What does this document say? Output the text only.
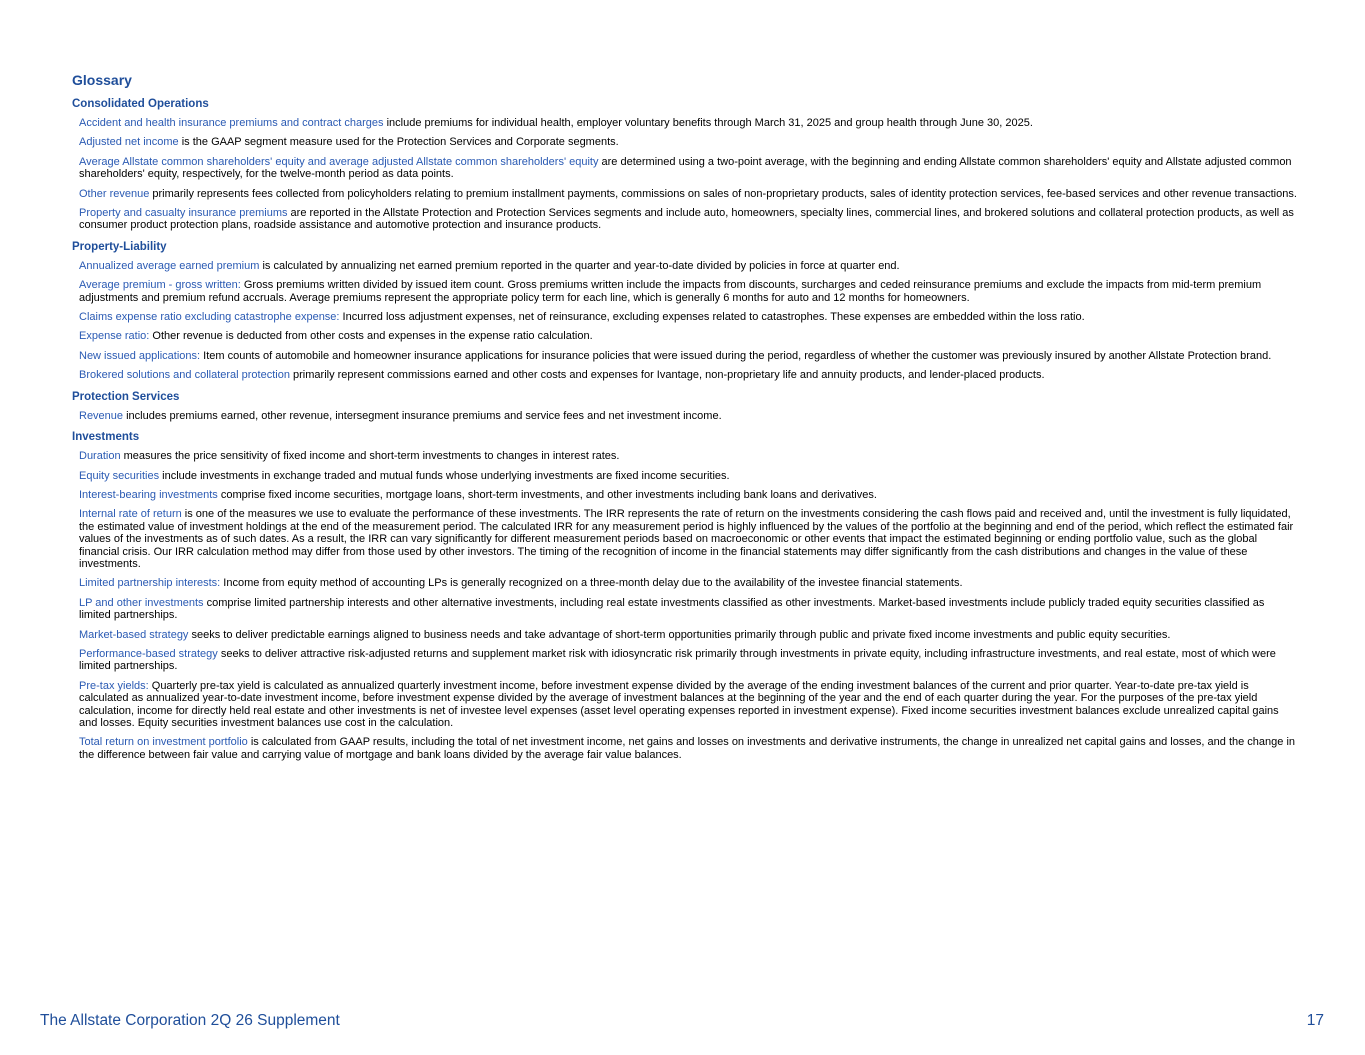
Glossary
Consolidated Operations
Accident and health insurance premiums and contract charges include premiums for individual health, employer voluntary benefits through March 31, 2025 and group health through June 30, 2025.
Adjusted net income is the GAAP segment measure used for the Protection Services and Corporate segments.
Average Allstate common shareholders' equity and average adjusted Allstate common shareholders' equity are determined using a two-point average, with the beginning and ending Allstate common shareholders' equity and Allstate adjusted common shareholders' equity, respectively, for the twelve-month period as data points.
Other revenue primarily represents fees collected from policyholders relating to premium installment payments, commissions on sales of non-proprietary products, sales of identity protection services, fee-based services and other revenue transactions.
Property and casualty insurance premiums are reported in the Allstate Protection and Protection Services segments and include auto, homeowners, specialty lines, commercial lines, and brokered solutions and collateral protection products, as well as consumer product protection plans, roadside assistance and automotive protection and insurance products.
Property-Liability
Annualized average earned premium is calculated by annualizing net earned premium reported in the quarter and year-to-date divided by policies in force at quarter end.
Average premium - gross written: Gross premiums written divided by issued item count. Gross premiums written include the impacts from discounts, surcharges and ceded reinsurance premiums and exclude the impacts from mid-term premium adjustments and premium refund accruals. Average premiums represent the appropriate policy term for each line, which is generally 6 months for auto and 12 months for homeowners.
Claims expense ratio excluding catastrophe expense: Incurred loss adjustment expenses, net of reinsurance, excluding expenses related to catastrophes. These expenses are embedded within the loss ratio.
Expense ratio: Other revenue is deducted from other costs and expenses in the expense ratio calculation.
New issued applications: Item counts of automobile and homeowner insurance applications for insurance policies that were issued during the period, regardless of whether the customer was previously insured by another Allstate Protection brand.
Brokered solutions and collateral protection primarily represent commissions earned and other costs and expenses for Ivantage, non-proprietary life and annuity products, and lender-placed products.
Protection Services
Revenue includes premiums earned, other revenue, intersegment insurance premiums and service fees and net investment income.
Investments
Duration measures the price sensitivity of fixed income and short-term investments to changes in interest rates.
Equity securities include investments in exchange traded and mutual funds whose underlying investments are fixed income securities.
Interest-bearing investments comprise fixed income securities, mortgage loans, short-term investments, and other investments including bank loans and derivatives.
Internal rate of return is one of the measures we use to evaluate the performance of these investments. The IRR represents the rate of return on the investments considering the cash flows paid and received and, until the investment is fully liquidated, the estimated value of investment holdings at the end of the measurement period. The calculated IRR for any measurement period is highly influenced by the values of the portfolio at the beginning and end of the period, which reflect the estimated fair values of the investments as of such dates. As a result, the IRR can vary significantly for different measurement periods based on macroeconomic or other events that impact the estimated beginning or ending portfolio value, such as the global financial crisis. Our IRR calculation method may differ from those used by other investors. The timing of the recognition of income in the financial statements may differ significantly from the cash distributions and changes in the value of these investments.
Limited partnership interests: Income from equity method of accounting LPs is generally recognized on a three-month delay due to the availability of the investee financial statements.
LP and other investments comprise limited partnership interests and other alternative investments, including real estate investments classified as other investments. Market-based investments include publicly traded equity securities classified as limited partnerships.
Market-based strategy seeks to deliver predictable earnings aligned to business needs and take advantage of short-term opportunities primarily through public and private fixed income investments and public equity securities.
Performance-based strategy seeks to deliver attractive risk-adjusted returns and supplement market risk with idiosyncratic risk primarily through investments in private equity, including infrastructure investments, and real estate, most of which were limited partnerships.
Pre-tax yields: Quarterly pre-tax yield is calculated as annualized quarterly investment income, before investment expense divided by the average of the ending investment balances of the current and prior quarter. Year-to-date pre-tax yield is calculated as annualized year-to-date investment income, before investment expense divided by the average of investment balances at the beginning of the year and the end of each quarter during the year. For the purposes of the pre-tax yield calculation, income for directly held real estate and other investments is net of investee level expenses (asset level operating expenses reported in investment expense). Fixed income securities investment balances exclude unrealized capital gains and losses. Equity securities investment balances use cost in the calculation.
Total return on investment portfolio is calculated from GAAP results, including the total of net investment income, net gains and losses on investments and derivative instruments, the change in unrealized net capital gains and losses, and the change in the difference between fair value and carrying value of mortgage and bank loans divided by the average fair value balances.
The Allstate Corporation 2Q 26 Supplement	17
